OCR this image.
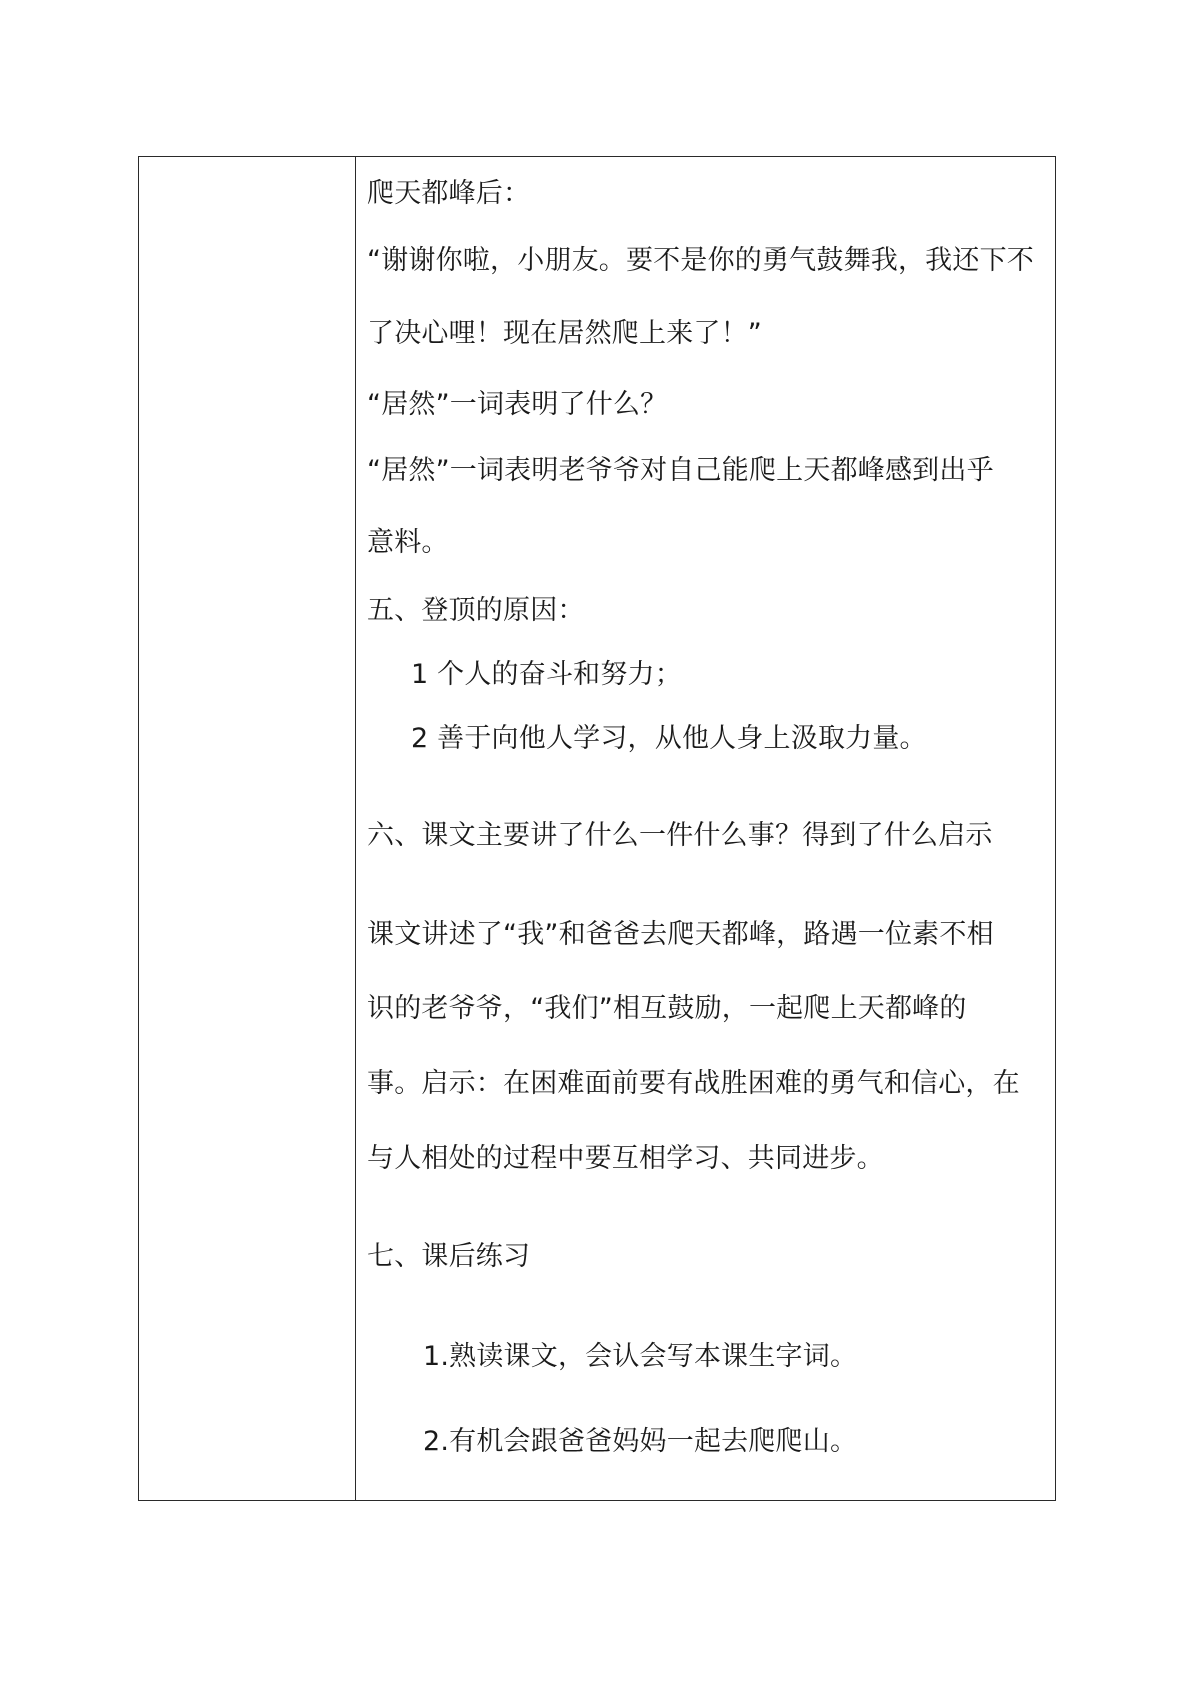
爬天都峰后：
“谢谢你啦，小朋友。要不是你的勇气鼓舞我，我还下不
了决心哩！现在居然爬上来了！”
“居然”一词表明了什么？
“居然”一词表明老爷爷对自己能爬上天都峰感到出乎
意料。
五、登顶的原因：
1 个人的奋斗和努力；
2 善于向他人学习，从他人身上汲取力量。
六、课文主要讲了什么一件什么事？得到了什么启示
课文讲述了“我”和爸爸去爬天都峰，路遇一位素不相
识的老爷爷，“我们”相互鼓励，一起爬上天都峰的
事。启示：在困难面前要有战胜困难的勇气和信心，在
与人相处的过程中要互相学习、共同进步。
七、课后练习
1.熟读课文，会认会写本课生字词。
2.有机会跟爸爸妈妈一起去爬爬山。
